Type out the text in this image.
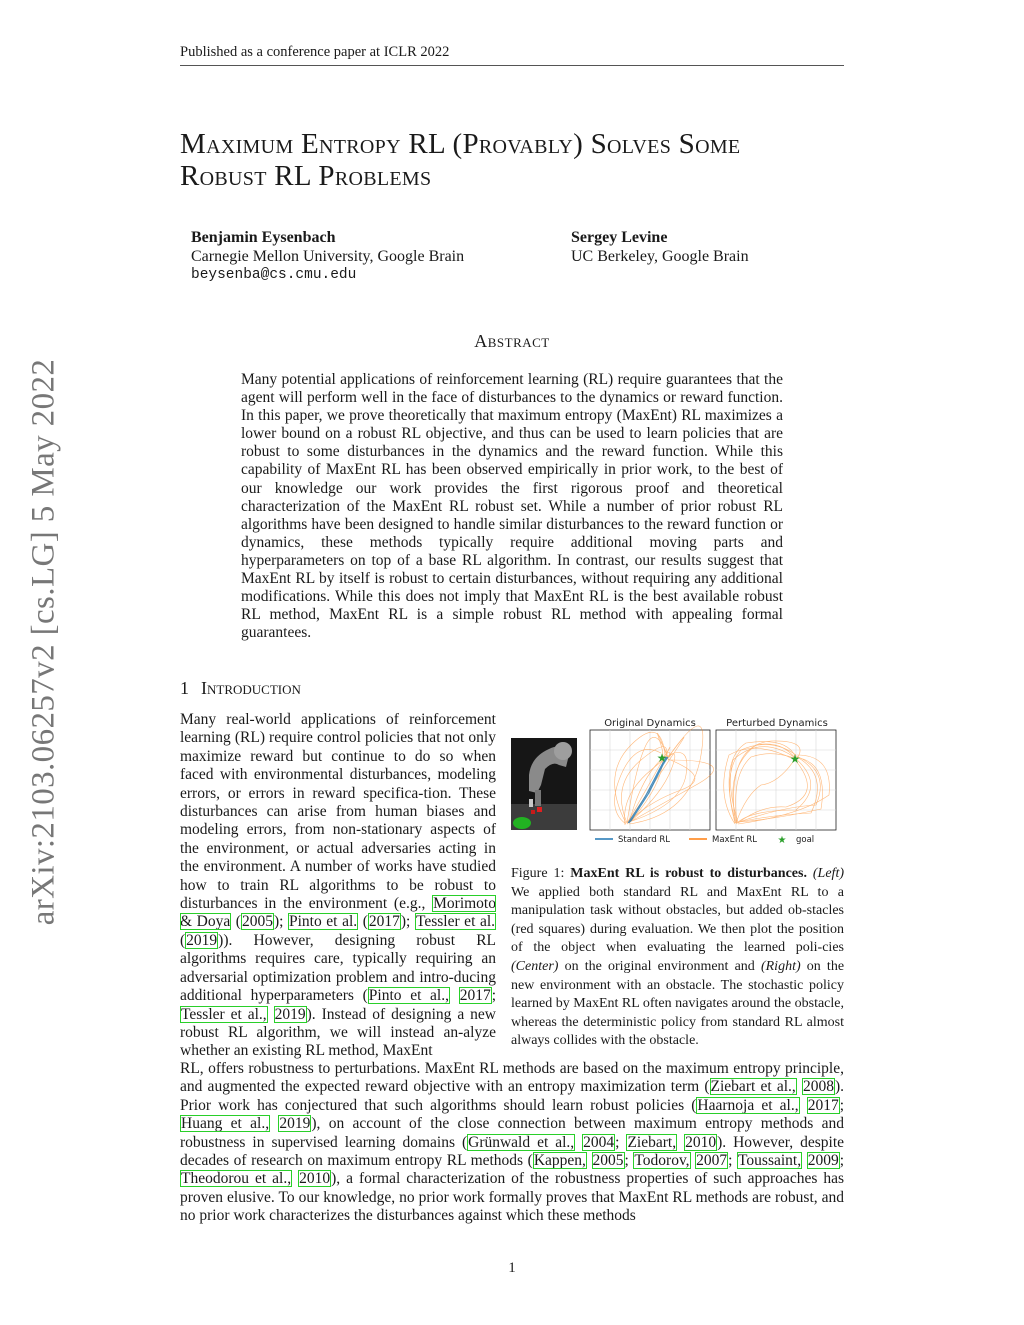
Published as a conference paper at ICLR 2022
arXiv:2103.06257v2 [cs.LG] 5 May 2022
Maximum Entropy RL (Provably) Solves Some
Robust RL Problems
Benjamin Eysenbach
Carnegie Mellon University, Google Brain
beysenba@cs.cmu.edu
Sergey Levine
UC Berkeley, Google Brain
Abstract
Many potential applications of reinforcement learning (RL) require guarantees that the agent will perform well in the face of disturbances to the dynamics or reward function. In this paper, we prove theoretically that maximum entropy (MaxEnt) RL maximizes a lower bound on a robust RL objective, and thus can be used to learn policies that are robust to some disturbances in the dynamics and the reward function. While this capability of MaxEnt RL has been observed empirically in prior work, to the best of our knowledge our work provides the first rigorous proof and theoretical characterization of the MaxEnt RL robust set. While a number of prior robust RL algorithms have been designed to handle similar disturbances to the reward function or dynamics, these methods typically require additional moving parts and hyperparameters on top of a base RL algorithm. In contrast, our results suggest that MaxEnt RL by itself is robust to certain disturbances, without requiring any additional modifications. While this does not imply that MaxEnt RL is the best available robust RL method, MaxEnt RL is a simple robust RL method with appealing formal guarantees.
1 Introduction
Many real-world applications of reinforcement learning (RL) require control policies that not only maximize reward but continue to do so when faced with environmental disturbances, modeling errors, or errors in reward specifica-tion. These disturbances can arise from human biases and modeling errors, from non-stationary aspects of the environment, or actual adversaries acting in the environment. A number of works have studied how to train RL algorithms to be robust to disturbances in the environment (e.g., Morimoto & Doya (2005); Pinto et al. (2017); Tessler et al. (2019)). However, designing robust RL algorithms requires care, typically requiring an adversarial optimization problem and intro-ducing additional hyperparameters (Pinto et al., 2017; Tessler et al., 2019). Instead of designing a new robust RL algorithm, we will instead an-alyze whether an existing RL method, MaxEnt
Original Dynamics	Perturbed Dynamics
★	★
Standard RL	MaxEnt RL ★ goal
Figure 1: MaxEnt RL is robust to disturbances. (Left) We applied both standard RL and MaxEnt RL to a manipulation task without obstacles, but added ob-stacles (red squares) during evaluation. We then plot the position of the object when evaluating the learned poli-cies (Center) on the original environment and (Right) on the new environment with an obstacle. The stochastic policy learned by MaxEnt RL often navigates around the obstacle, whereas the deterministic policy from standard RL almost always collides with the obstacle.
RL, offers robustness to perturbations. MaxEnt RL methods are based on the maximum entropy principle, and augmented the expected reward objective with an entropy maximization term (Ziebart et al., 2008). Prior work has conjectured that such algorithms should learn robust policies (Haarnoja et al., 2017; Huang et al., 2019), on account of the close connection between maximum entropy methods and robustness in supervised learning domains (Grünwald et al., 2004; Ziebart, 2010). However, despite decades of research on maximum entropy RL methods (Kappen, 2005; Todorov, 2007; Toussaint, 2009; Theodorou et al., 2010), a formal characterization of the robustness properties of such approaches has proven elusive. To our knowledge, no prior work formally proves that MaxEnt RL methods are robust, and no prior work characterizes the disturbances against which these methods
1
